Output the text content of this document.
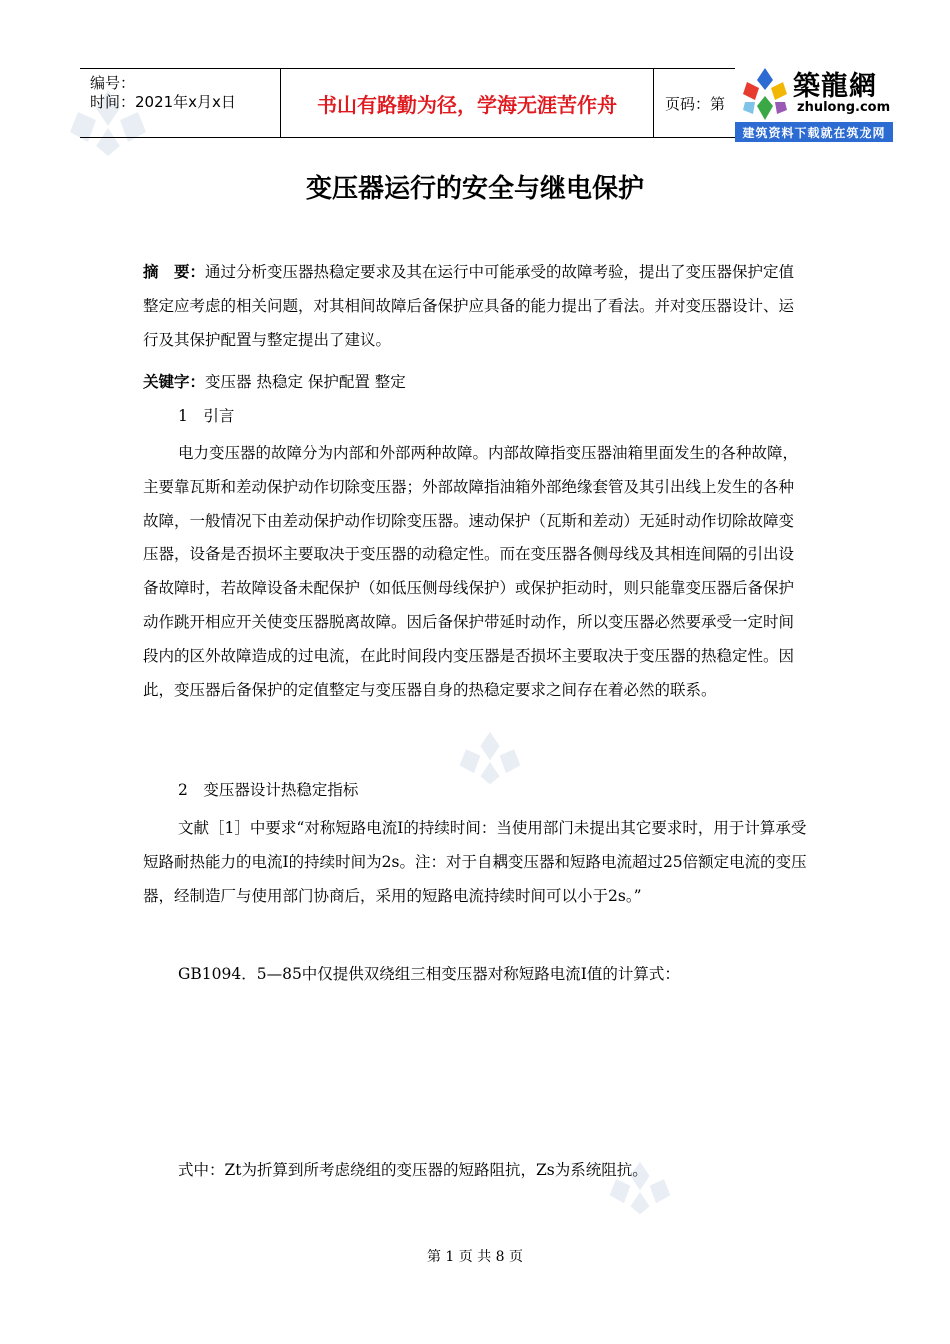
编号：
时间：2021年x月x日	书山有路勤为径，学海无涯苦作舟	页码：第
築龍網
zhulong.com
建筑资料下载就在筑龙网
变压器运行的安全与继电保护

摘　要：通过分析变压器热稳定要求及其在运行中可能承受的故障考验，提出了变压器保护定值整定应考虑的相关问题，对其相间故障后备保护应具备的能力提出了看法。并对变压器设计、运行及其保护配置与整定提出了建议。

关键字：变压器 热稳定 保护配置 整定

1　引言

电力变压器的故障分为内部和外部两种故障。内部故障指变压器油箱里面发生的各种故障，主要靠瓦斯和差动保护动作切除变压器；外部故障指油箱外部绝缘套管及其引出线上发生的各种故障，一般情况下由差动保护动作切除变压器。速动保护（瓦斯和差动）无延时动作切除故障变压器，设备是否损坏主要取决于变压器的动稳定性。而在变压器各侧母线及其相连间隔的引出设备故障时，若故障设备未配保护（如低压侧母线保护）或保护拒动时，则只能靠变压器后备保护动作跳开相应开关使变压器脱离故障。因后备保护带延时动作，所以变压器必然要承受一定时间段内的区外故障造成的过电流，在此时间段内变压器是否损坏主要取决于变压器的热稳定性。因此，变压器后备保护的定值整定与变压器自身的热稳定要求之间存在着必然的联系。

2　变压器设计热稳定指标

文献［1］中要求“对称短路电流I的持续时间：当使用部门未提出其它要求时，用于计算承受短路耐热能力的电流I的持续时间为2s。注：对于自耦变压器和短路电流超过25倍额定电流的变压器，经制造厂与使用部门协商后，采用的短路电流持续时间可以小于2s。”

GB1094．5—85中仅提供双绕组三相变压器对称短路电流I值的计算式：

式中：Zt为折算到所考虑绕组的变压器的短路阻抗，Zs为系统阻抗。

第 1 页 共 8 页
